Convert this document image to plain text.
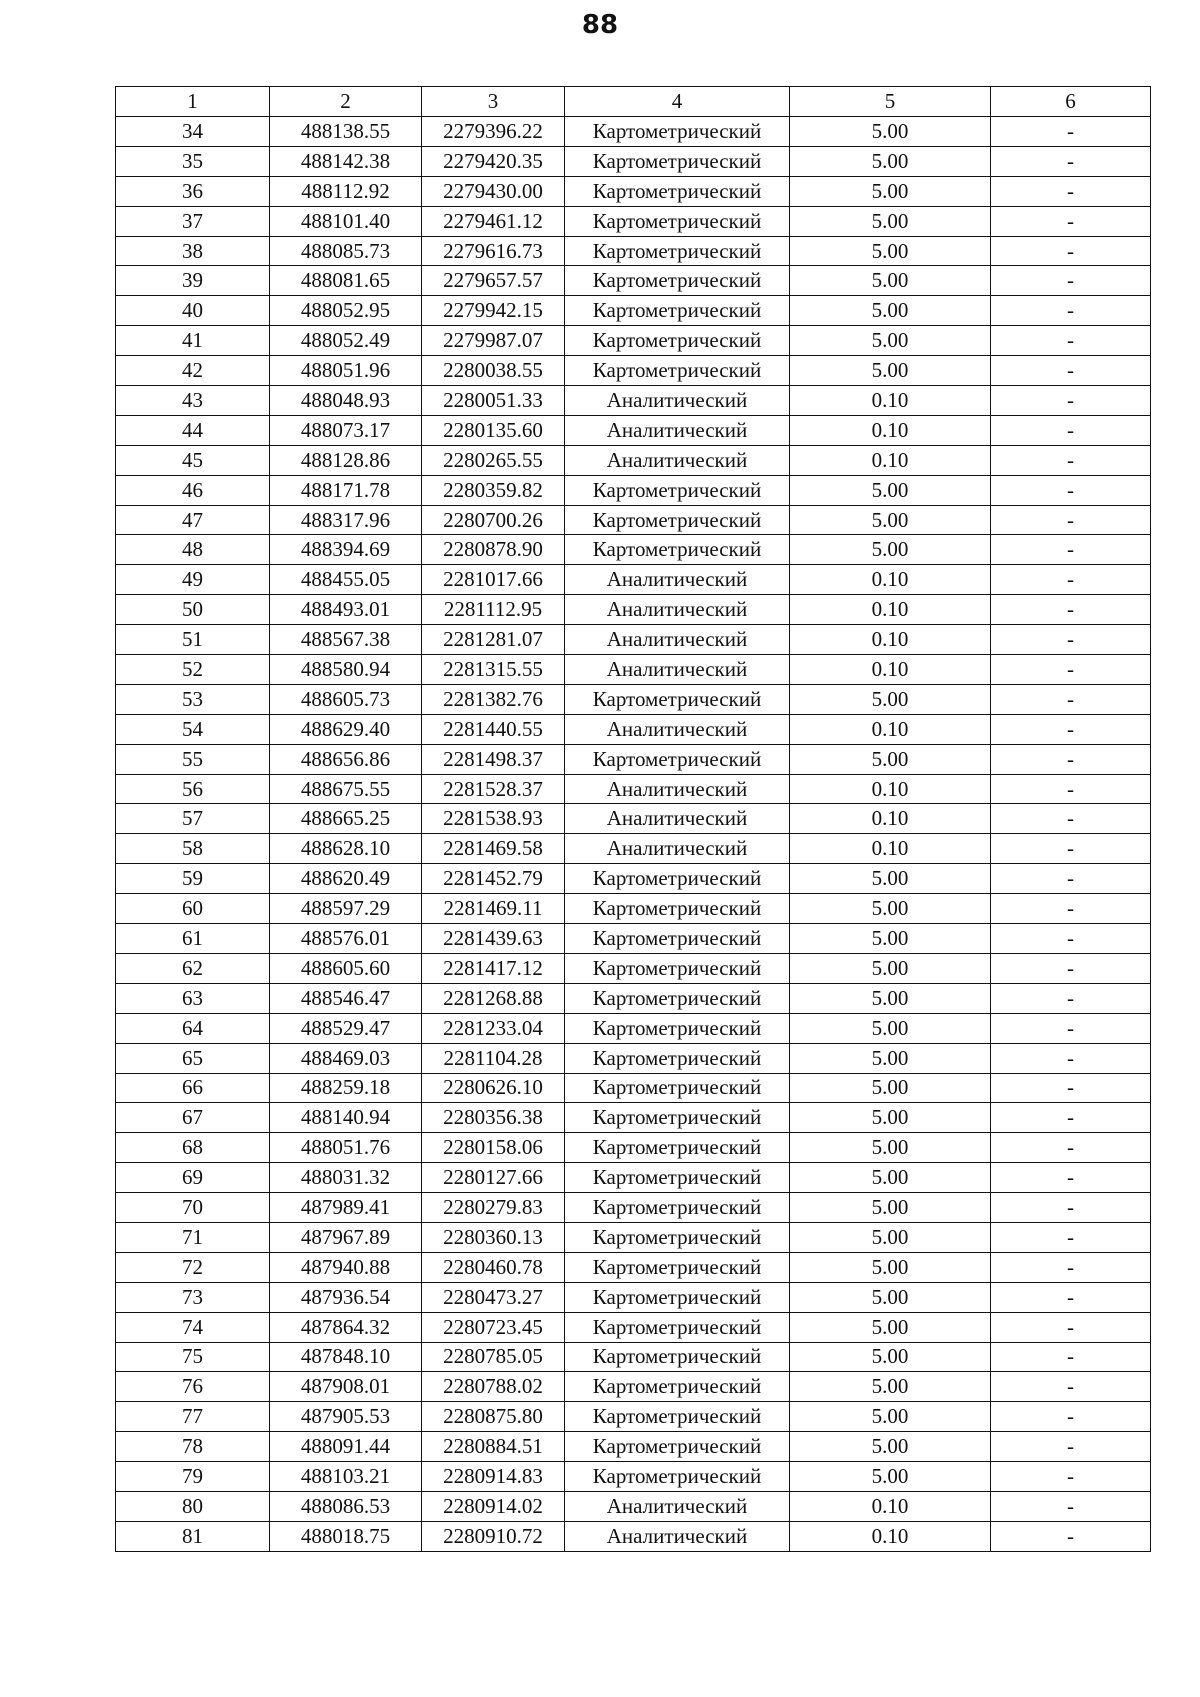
88
1	2	3	4	5	6
34	488138.55	2279396.22	Картометрический	5.00	-
35	488142.38	2279420.35	Картометрический	5.00	-
36	488112.92	2279430.00	Картометрический	5.00	-
37	488101.40	2279461.12	Картометрический	5.00	-
38	488085.73	2279616.73	Картометрический	5.00	-
39	488081.65	2279657.57	Картометрический	5.00	-
40	488052.95	2279942.15	Картометрический	5.00	-
41	488052.49	2279987.07	Картометрический	5.00	-
42	488051.96	2280038.55	Картометрический	5.00	-
43	488048.93	2280051.33	Аналитический	0.10	-
44	488073.17	2280135.60	Аналитический	0.10	-
45	488128.86	2280265.55	Аналитический	0.10	-
46	488171.78	2280359.82	Картометрический	5.00	-
47	488317.96	2280700.26	Картометрический	5.00	-
48	488394.69	2280878.90	Картометрический	5.00	-
49	488455.05	2281017.66	Аналитический	0.10	-
50	488493.01	2281112.95	Аналитический	0.10	-
51	488567.38	2281281.07	Аналитический	0.10	-
52	488580.94	2281315.55	Аналитический	0.10	-
53	488605.73	2281382.76	Картометрический	5.00	-
54	488629.40	2281440.55	Аналитический	0.10	-
55	488656.86	2281498.37	Картометрический	5.00	-
56	488675.55	2281528.37	Аналитический	0.10	-
57	488665.25	2281538.93	Аналитический	0.10	-
58	488628.10	2281469.58	Аналитический	0.10	-
59	488620.49	2281452.79	Картометрический	5.00	-
60	488597.29	2281469.11	Картометрический	5.00	-
61	488576.01	2281439.63	Картометрический	5.00	-
62	488605.60	2281417.12	Картометрический	5.00	-
63	488546.47	2281268.88	Картометрический	5.00	-
64	488529.47	2281233.04	Картометрический	5.00	-
65	488469.03	2281104.28	Картометрический	5.00	-
66	488259.18	2280626.10	Картометрический	5.00	-
67	488140.94	2280356.38	Картометрический	5.00	-
68	488051.76	2280158.06	Картометрический	5.00	-
69	488031.32	2280127.66	Картометрический	5.00	-
70	487989.41	2280279.83	Картометрический	5.00	-
71	487967.89	2280360.13	Картометрический	5.00	-
72	487940.88	2280460.78	Картометрический	5.00	-
73	487936.54	2280473.27	Картометрический	5.00	-
74	487864.32	2280723.45	Картометрический	5.00	-
75	487848.10	2280785.05	Картометрический	5.00	-
76	487908.01	2280788.02	Картометрический	5.00	-
77	487905.53	2280875.80	Картометрический	5.00	-
78	488091.44	2280884.51	Картометрический	5.00	-
79	488103.21	2280914.83	Картометрический	5.00	-
80	488086.53	2280914.02	Аналитический	0.10	-
81	488018.75	2280910.72	Аналитический	0.10	-
